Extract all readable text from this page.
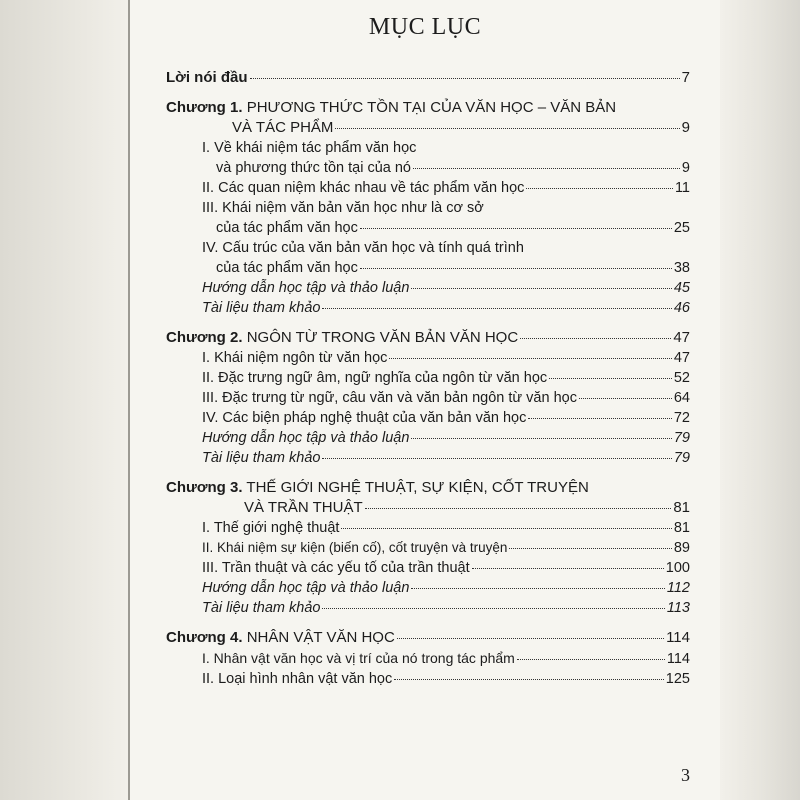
MỤC LỤC
Lời nói đầu	7
Chương 1. PHƯƠNG THỨC TỒN TẠI CỦA VĂN HỌC – VĂN BẢN
VÀ TÁC PHẨM	9
I. Về khái niệm tác phẩm văn học
và phương thức tồn tại của nó	9
II. Các quan niệm khác nhau về tác phẩm văn học	11
III. Khái niệm văn bản văn học như là cơ sở
của tác phẩm văn học	25
IV. Cấu trúc của văn bản văn học và tính quá trình
của tác phẩm văn học	38
Hướng dẫn học tập và thảo luận	45
Tài liệu tham khảo	46
Chương 2. NGÔN TỪ TRONG VĂN BẢN VĂN HỌC	47
I. Khái niệm ngôn từ văn học	47
II. Đặc trưng ngữ âm, ngữ nghĩa của ngôn từ văn học	52
III. Đặc trưng từ ngữ, câu văn và văn bản ngôn từ văn học	64
IV. Các biện pháp nghệ thuật của văn bản văn học	72
Hướng dẫn học tập và thảo luận	79
Tài liệu tham khảo	79
Chương 3. THẾ GIỚI NGHỆ THUẬT, SỰ KIỆN, CỐT TRUYỆN
VÀ TRẦN THUẬT	81
I. Thế giới nghệ thuật	81
II. Khái niệm sự kiện (biến cố), cốt truyện và truyện	89
III. Trần thuật và các yếu tố của trần thuật	100
Hướng dẫn học tập và thảo luận	112
Tài liệu tham khảo	113
Chương 4. NHÂN VẬT VĂN HỌC	114
I. Nhân vật văn học và vị trí của nó trong tác phẩm	114
II. Loại hình nhân vật văn học	125
3
